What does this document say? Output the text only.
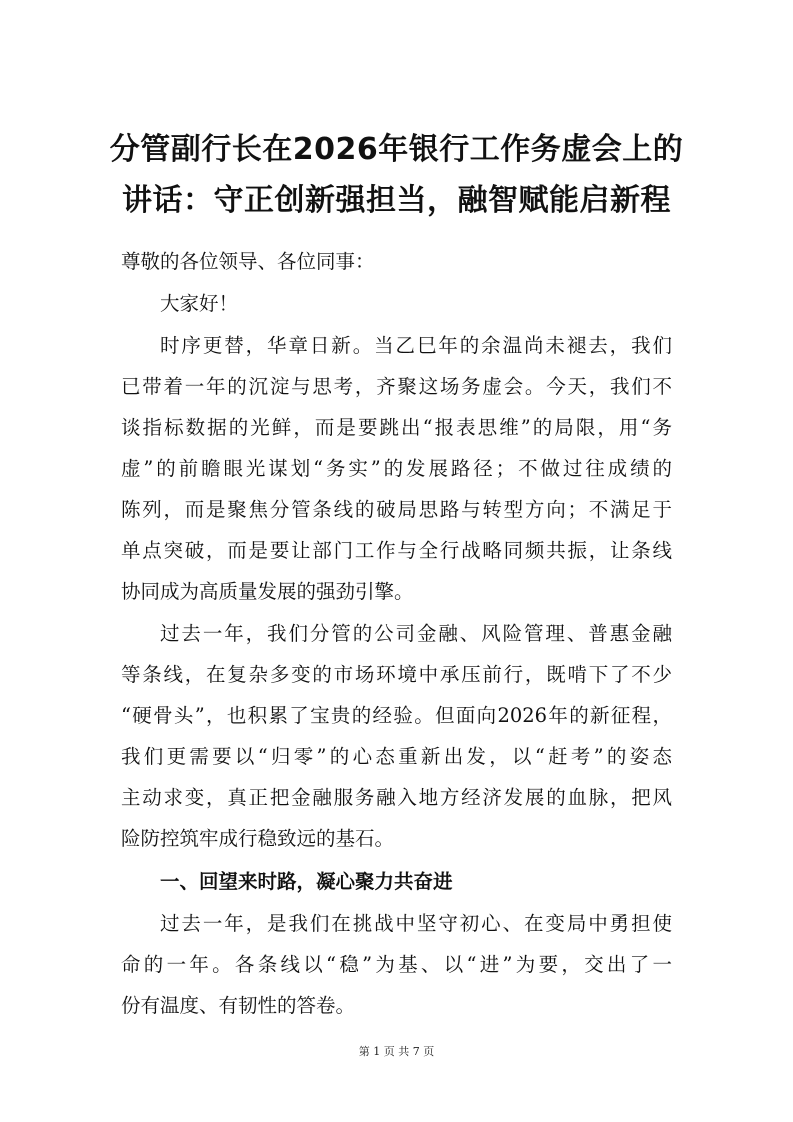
分管副行长在2026年银行工作务虚会上的
讲话：守正创新强担当，融智赋能启新程
尊敬的各位领导、各位同事：
大家好！
时序更替，华章日新。当乙巳年的余温尚未褪去，我们
已带着一年的沉淀与思考，齐聚这场务虚会。今天，我们不
谈指标数据的光鲜，而是要跳出“报表思维”的局限，用“务
虚”的前瞻眼光谋划“务实”的发展路径；不做过往成绩的
陈列，而是聚焦分管条线的破局思路与转型方向；不满足于
单点突破，而是要让部门工作与全行战略同频共振，让条线
协同成为高质量发展的强劲引擎。
过去一年，我们分管的公司金融、风险管理、普惠金融
等条线，在复杂多变的市场环境中承压前行，既啃下了不少
“硬骨头”，也积累了宝贵的经验。但面向2026年的新征程，
我们更需要以“归零”的心态重新出发，以“赶考”的姿态
主动求变，真正把金融服务融入地方经济发展的血脉，把风
险防控筑牢成行稳致远的基石。
一、回望来时路，凝心聚力共奋进
过去一年，是我们在挑战中坚守初心、在变局中勇担使
命的一年。各条线以“稳”为基、以“进”为要，交出了一
份有温度、有韧性的答卷。
第 1 页 共 7 页
